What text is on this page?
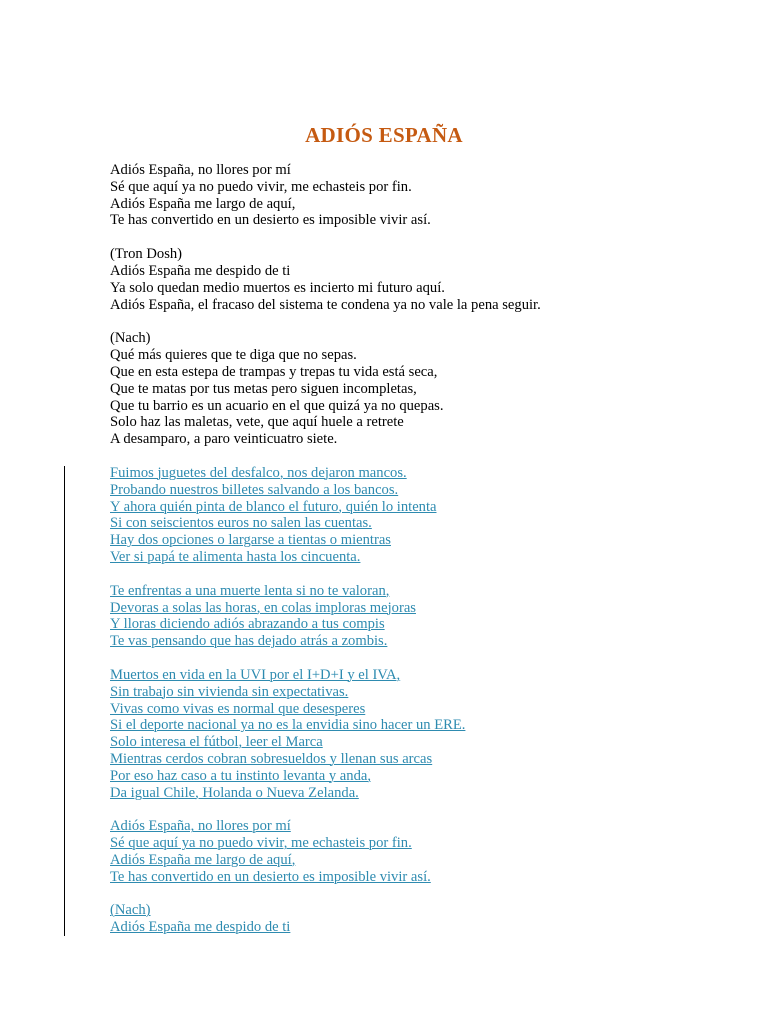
ADIÓS ESPAÑA
Adiós España, no llores por mí
Sé que aquí ya no puedo vivir, me echasteis por fin.
Adiós España me largo de aquí,
Te has convertido en un desierto es imposible vivir así.
(Tron Dosh)
Adiós España me despido de ti
Ya solo quedan medio muertos es incierto mi futuro aquí.
Adiós España, el fracaso del sistema te condena ya no vale la pena seguir.
(Nach)
Qué más quieres que te diga que no sepas.
Que en esta estepa de trampas y trepas tu vida está seca,
Que te matas por tus metas pero siguen incompletas,
Que tu barrio es un acuario en el que quizá ya no quepas.
Solo haz las maletas, vete, que aquí huele a retrete
A desamparo, a paro veinticuatro siete.
Fuimos juguetes del desfalco, nos dejaron mancos.
Probando nuestros billetes salvando a los bancos.
Y ahora quién pinta de blanco el futuro, quién lo intenta
Si con seiscientos euros no salen las cuentas.
Hay dos opciones o largarse a tientas o mientras
Ver si papá te alimenta hasta los cincuenta.
Te enfrentas a una muerte lenta si no te valoran,
Devoras a solas las horas, en colas imploras mejoras
Y lloras diciendo adiós abrazando a tus compis
Te vas pensando que has dejado atrás a zombis.
Muertos en vida en la UVI por el I+D+I y el IVA,
Sin trabajo sin vivienda sin expectativas.
Vivas como vivas es normal que desesperes
Si el deporte nacional ya no es la envidia sino hacer un ERE.
Solo interesa el fútbol, leer el Marca
Mientras cerdos cobran sobresueldos y llenan sus arcas
Por eso haz caso a tu instinto levanta y anda,
Da igual Chile, Holanda o Nueva Zelanda.
Adiós España, no llores por mí
Sé que aquí ya no puedo vivir, me echasteis por fin.
Adiós España me largo de aquí,
Te has convertido en un desierto es imposible vivir así.
(Nach)
Adiós España me despido de ti
